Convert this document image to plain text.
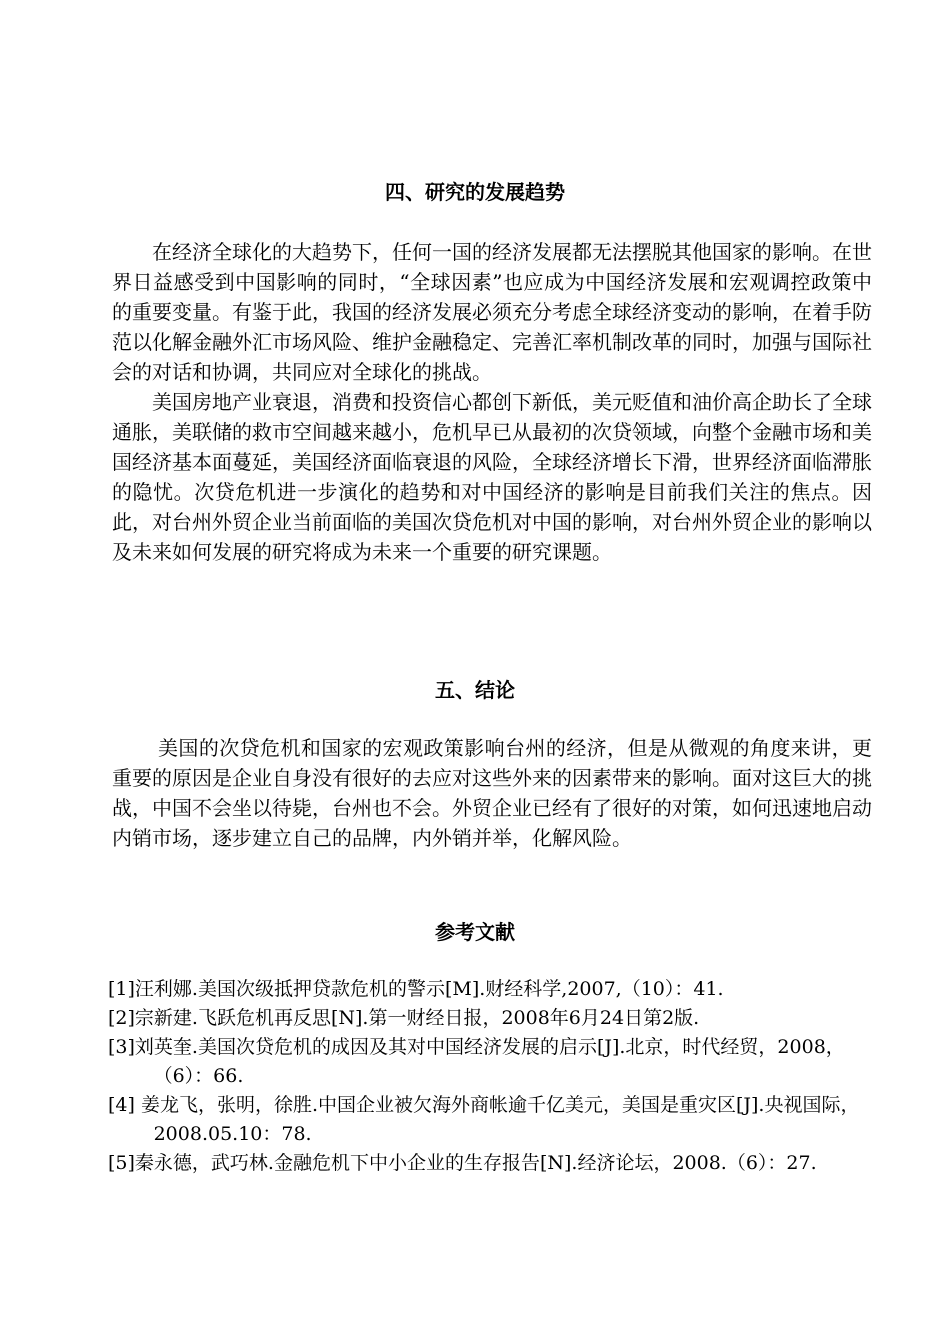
四、研究的发展趋势

在经济全球化的大趋势下，任何一国的经济发展都无法摆脱其他国家的影响。在世界日益感受到中国影响的同时，“全球因素”也应成为中国经济发展和宏观调控政策中的重要变量。有鉴于此，我国的经济发展必须充分考虑全球经济变动的影响，在着手防范以化解金融外汇市场风险、维护金融稳定、完善汇率机制改革的同时，加强与国际社会的对话和协调，共同应对全球化的挑战。

美国房地产业衰退，消费和投资信心都创下新低，美元贬值和油价高企助长了全球通胀，美联储的救市空间越来越小，危机早已从最初的次贷领域，向整个金融市场和美国经济基本面蔓延，美国经济面临衰退的风险，全球经济增长下滑，世界经济面临滞胀的隐忧。次贷危机进一步演化的趋势和对中国经济的影响是目前我们关注的焦点。因此，对台州外贸企业当前面临的美国次贷危机对中国的影响，对台州外贸企业的影响以及未来如何发展的研究将成为未来一个重要的研究课题。

五、结论

美国的次贷危机和国家的宏观政策影响台州的经济，但是从微观的角度来讲，更重要的原因是企业自身没有很好的去应对这些外来的因素带来的影响。面对这巨大的挑战，中国不会坐以待毙，台州也不会。外贸企业已经有了很好的对策，如何迅速地启动内销市场，逐步建立自己的品牌，内外销并举，化解风险。

参考文献

[1]汪利娜.美国次级抵押贷款危机的警示[M].财经科学,2007,（10）：41.

[2]宗新建.飞跃危机再反思[N].第一财经日报，2008年6月24日第2版.

[3]刘英奎.美国次贷危机的成因及其对中国经济发展的启示[J].北京，时代经贸，2008，（6）：66.

[4] 姜龙飞，张明，徐胜.中国企业被欠海外商帐逾千亿美元，美国是重灾区[J].央视国际，2008.05.10：78.

[5]秦永德，武巧林.金融危机下中小企业的生存报告[N].经济论坛，2008.（6）：27.
